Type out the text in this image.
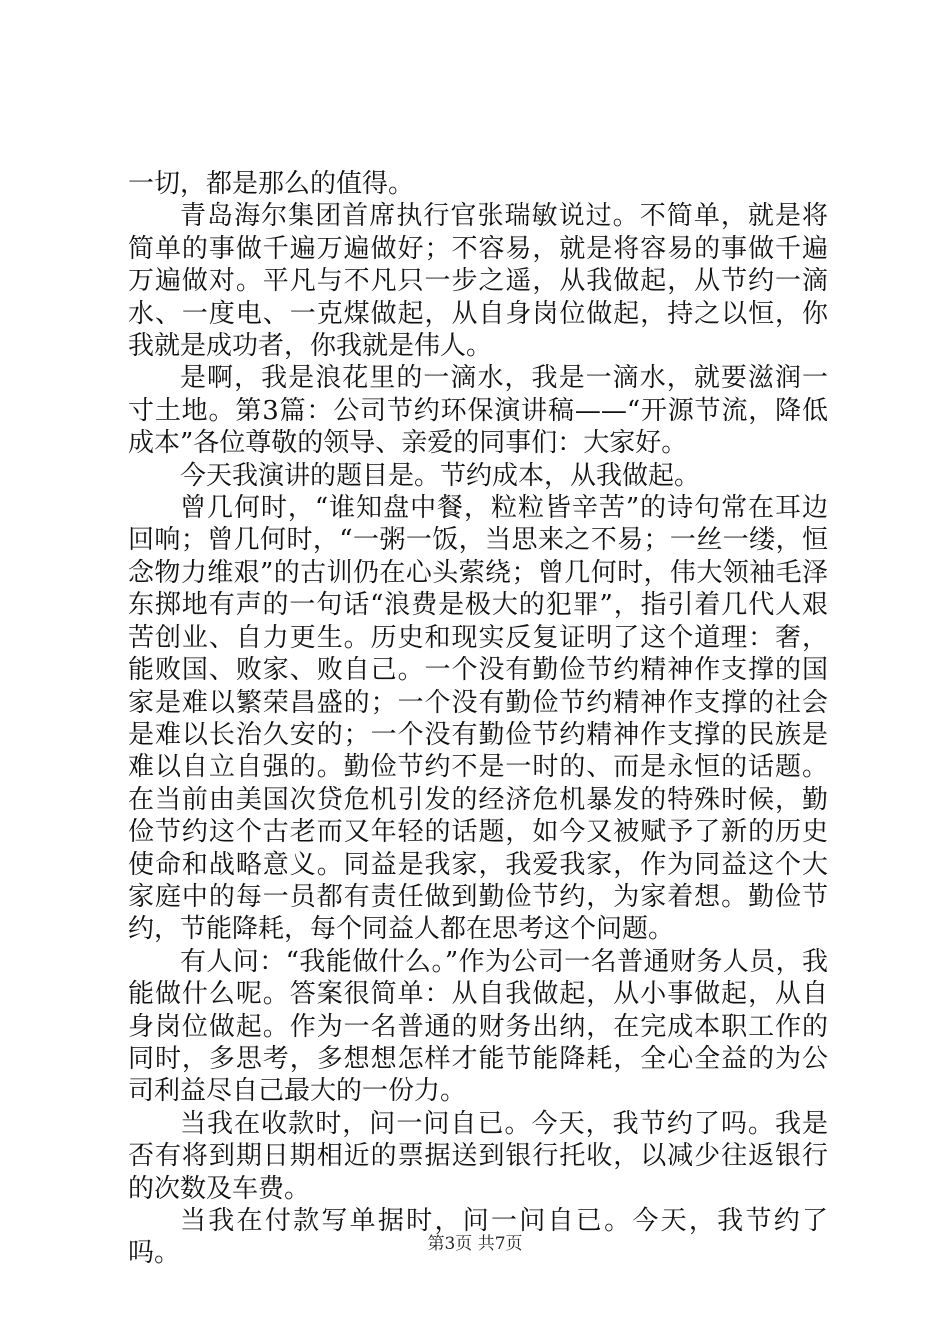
一切，都是那么的值得。

青岛海尔集团首席执行官张瑞敏说过。不简单，就是将简单的事做千遍万遍做好；不容易，就是将容易的事做千遍万遍做对。平凡与不凡只一步之遥，从我做起，从节约一滴水、一度电、一克煤做起，从自身岗位做起，持之以恒，你我就是成功者，你我就是伟人。

是啊，我是浪花里的一滴水，我是一滴水，就要滋润一寸土地。第3篇：公司节约环保演讲稿——“开源节流，降低成本”各位尊敬的领导、亲爱的同事们：大家好。

今天我演讲的题目是。节约成本，从我做起。

曾几何时，“谁知盘中餐，粒粒皆辛苦”的诗句常在耳边回响；曾几何时，“一粥一饭，当思来之不易；一丝一缕，恒念物力维艰”的古训仍在心头萦绕；曾几何时，伟大领袖毛泽东掷地有声的一句话“浪费是极大的犯罪”，指引着几代人艰苦创业、自力更生。历史和现实反复证明了这个道理：奢，能败国、败家、败自己。一个没有勤俭节约精神作支撑的国家是难以繁荣昌盛的；一个没有勤俭节约精神作支撑的社会是难以长治久安的；一个没有勤俭节约精神作支撑的民族是难以自立自强的。勤俭节约不是一时的、而是永恒的话题。在当前由美国次贷危机引发的经济危机暴发的特殊时候，勤俭节约这个古老而又年轻的话题，如今又被赋予了新的历史使命和战略意义。同益是我家，我爱我家，作为同益这个大家庭中的每一员都有责任做到勤俭节约，为家着想。勤俭节约，节能降耗，每个同益人都在思考这个问题。

有人问：“我能做什么。”作为公司一名普通财务人员，我能做什么呢。答案很简单：从自我做起，从小事做起，从自身岗位做起。作为一名普通的财务出纳，在完成本职工作的同时，多思考，多想想怎样才能节能降耗，全心全益的为公司利益尽自己最大的一份力。

当我在收款时，问一问自已。今天，我节约了吗。我是否有将到期日期相近的票据送到银行托收，以减少往返银行的次数及车费。

当我在付款写单据时，问一问自已。今天，我节约了吗。	第3页 共7页
